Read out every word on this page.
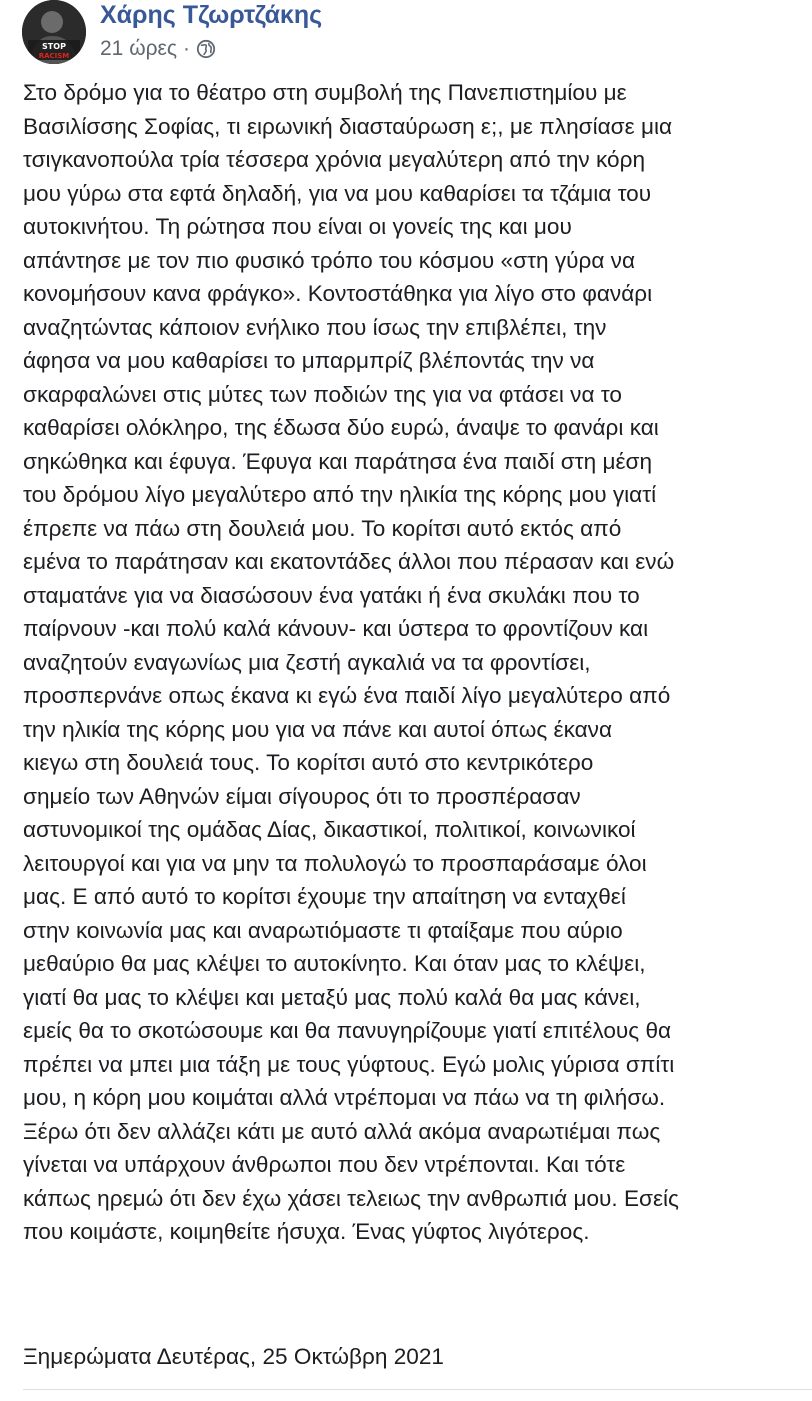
STOP
RACISM
Χάρης Τζωρτζάκης
21 ώρες ·
Στο δρόμο για το θέατρο στη συμβολή της Πανεπιστημίου με
Βασιλίσσης Σοφίας, τι ειρωνική διασταύρωση ε;, με πλησίασε μια
τσιγκανοπούλα τρία τέσσερα χρόνια μεγαλύτερη από την κόρη
μου γύρω στα εφτά δηλαδή, για να μου καθαρίσει τα τζάμια του
αυτοκινήτου. Τη ρώτησα που είναι οι γονείς της και μου
απάντησε με τον πιο φυσικό τρόπο του κόσμου «στη γύρα να
κονομήσουν κανα φράγκο». Κοντοστάθηκα για λίγο στο φανάρι
αναζητώντας κάποιον ενήλικο που ίσως την επιβλέπει, την
άφησα να μου καθαρίσει το μπαρμπρίζ βλέποντάς την να
σκαρφαλώνει στις μύτες των ποδιών της για να φτάσει να το
καθαρίσει ολόκληρο, της έδωσα δύο ευρώ, άναψε το φανάρι και
σηκώθηκα και έφυγα. Έφυγα και παράτησα ένα παιδί στη μέση
του δρόμου λίγο μεγαλύτερο από την ηλικία της κόρης μου γιατί
έπρεπε να πάω στη δουλειά μου. Το κορίτσι αυτό εκτός από
εμένα το παράτησαν και εκατοντάδες άλλοι που πέρασαν και ενώ
σταματάνε για να διασώσουν ένα γατάκι ή ένα σκυλάκι που το
παίρνουν -και πολύ καλά κάνουν- και ύστερα το φροντίζουν και
αναζητούν εναγωνίως μια ζεστή αγκαλιά να τα φροντίσει,
προσπερνάνε οπως έκανα κι εγώ ένα παιδί λίγο μεγαλύτερο από
την ηλικία της κόρης μου για να πάνε και αυτοί όπως έκανα
κιεγω στη δουλειά τους. Το κορίτσι αυτό στο κεντρικότερο
σημείο των Αθηνών είμαι σίγουρος ότι το προσπέρασαν
αστυνομικοί της ομάδας Δίας, δικαστικοί, πολιτικοί, κοινωνικοί
λειτουργοί και για να μην τα πολυλογώ το προσπαράσαμε όλοι
μας. Ε από αυτό το κορίτσι έχουμε την απαίτηση να ενταχθεί
στην κοινωνία μας και αναρωτιόμαστε τι φταίξαμε που αύριο
μεθαύριο θα μας κλέψει το αυτοκίνητο. Και όταν μας το κλέψει,
γιατί θα μας το κλέψει και μεταξύ μας πολύ καλά θα μας κάνει,
εμείς θα το σκοτώσουμε και θα πανυγηρίζουμε γιατί επιτέλους θα
πρέπει να μπει μια τάξη με τους γύφτους. Εγώ μολις γύρισα σπίτι
μου, η κόρη μου κοιμάται αλλά ντρέπομαι να πάω να τη φιλήσω.
Ξέρω ότι δεν αλλάζει κάτι με αυτό αλλά ακόμα αναρωτιέμαι πως
γίνεται να υπάρχουν άνθρωποι που δεν ντρέπονται. Και τότε
κάπως ηρεμώ ότι δεν έχω χάσει τελειως την ανθρωπιά μου. Εσείς
που κοιμάστε, κοιμηθείτε ήσυχα. Ένας γύφτος λιγότερος.

Ξημερώματα Δευτέρας, 25 Οκτώβρη 2021
